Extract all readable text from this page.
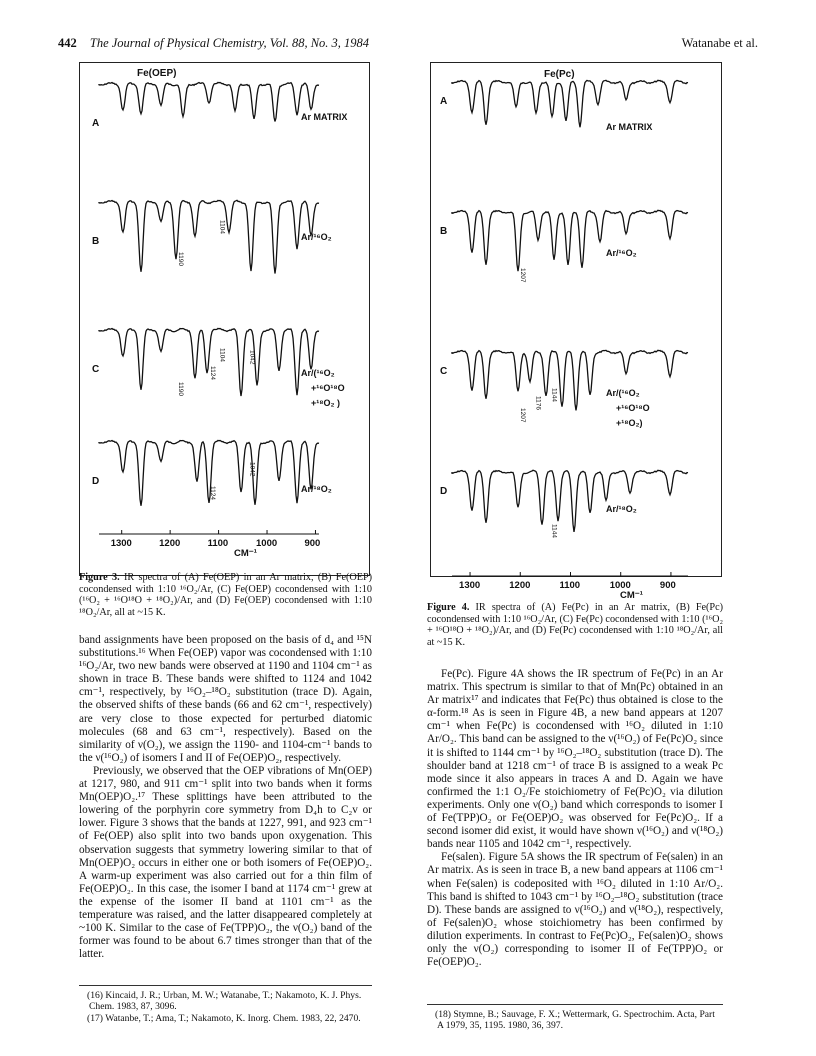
442 The Journal of Physical Chemistry, Vol. 88, No. 3, 1984	Watanabe et al.
Fe(OEP)
A
Ar MATRIX
B	Ar/¹⁶O₂
1190
1104
C	Ar/(¹⁶O₂
+¹⁶O¹⁸O
+¹⁸O₂ )
1190
1104
1124
1042
D
Ar/¹⁸O₂
1124
1042
1300	1200	1100	1000	900
CM⁻¹
Figure 3. IR spectra of (A) Fe(OEP) in an Ar matrix, (B) Fe(OEP) cocondensed with 1:10 ¹⁶O₂/Ar, (C) Fe(OEP) cocondensed with 1:10 (¹⁶O₂ + ¹⁶O¹⁸O + ¹⁸O₂)/Ar, and (D) Fe(OEP) cocondensed with 1:10 ¹⁸O₂/Ar, all at ~15 K.
Fe(Pc)
A
Ar MATRIX
B
Ar/¹⁶O₂
1207
C
Ar/(¹⁶O₂
+¹⁶O¹⁸O
+¹⁸O₂)
1207
1176
1144
D
Ar/¹⁸O₂
1144
1300	1200	1100	1000	900
CM⁻¹
Figure 4. IR spectra of (A) Fe(Pc) in an Ar matrix, (B) Fe(Pc) cocondensed with 1:10 ¹⁶O₂/Ar, (C) Fe(Pc) cocondensed with 1:10 (¹⁶O₂ + ¹⁶O¹⁸O + ¹⁸O₂)/Ar, and (D) Fe(Pc) cocondensed with 1:10 ¹⁸O₂/Ar, all at ~15 K.

band assignments have been proposed on the basis of d₄ and ¹⁵N substitutions.¹⁶ When Fe(OEP) vapor was cocondensed with 1:10 ¹⁶O₂/Ar, two new bands were observed at 1190 and 1104 cm⁻¹ as shown in trace B. These bands were shifted to 1124 and 1042 cm⁻¹, respectively, by ¹⁶O₂–¹⁸O₂ substitution (trace D). Again, the observed shifts of these bands (66 and 62 cm⁻¹, respectively) are very close to those expected for perturbed diatomic molecules (68 and 63 cm⁻¹, respectively). Based on the similarity of ν(O₂), we assign the 1190- and 1104-cm⁻¹ bands to the ν(¹⁶O₂) of isomers I and II of Fe(OEP)O₂, respectively.

Previously, we observed that the OEP vibrations of Mn(OEP) at 1217, 980, and 911 cm⁻¹ split into two bands when it forms Mn(OEP)O₂.¹⁷ These splittings have been attributed to the lowering of the porphyrin core symmetry from D₄h to C₂v or lower. Figure 3 shows that the bands at 1227, 991, and 923 cm⁻¹ of Fe(OEP) also split into two bands upon oxygenation. This observation suggests that symmetry lowering similar to that of Mn(OEP)O₂ occurs in either one or both isomers of Fe(OEP)O₂. A warm-up experiment was also carried out for a thin film of Fe(OEP)O₂. In this case, the isomer I band at 1174 cm⁻¹ grew at the expense of the isomer II band at 1101 cm⁻¹ as the temperature was raised, and the latter disappeared completely at ~100 K. Similar to the case of Fe(TPP)O₂, the ν(O₂) band of the former was found to be about 6.7 times stronger than that of the latter.

Fe(Pc). Figure 4A shows the IR spectrum of Fe(Pc) in an Ar matrix. This spectrum is similar to that of Mn(Pc) obtained in an Ar matrix¹⁷ and indicates that Fe(Pc) thus obtained is close to the α-form.¹⁸ As is seen in Figure 4B, a new band appears at 1207 cm⁻¹ when Fe(Pc) is cocondensed with ¹⁶O₂ diluted in 1:10 Ar/O₂. This band can be assigned to the ν(¹⁶O₂) of Fe(Pc)O₂ since it is shifted to 1144 cm⁻¹ by ¹⁶O₂–¹⁸O₂ substitution (trace D). The shoulder band at 1218 cm⁻¹ of trace B is assigned to a weak Pc mode since it also appears in traces A and D. Again we have confirmed the 1:1 O₂/Fe stoichiometry of Fe(Pc)O₂ via dilution experiments. Only one ν(O₂) band which corresponds to isomer I of Fe(TPP)O₂ or Fe(OEP)O₂ was observed for Fe(Pc)O₂. If a second isomer did exist, it would have shown ν(¹⁶O₂) and ν(¹⁸O₂) bands near 1105 and 1042 cm⁻¹, respectively.

Fe(salen). Figure 5A shows the IR spectrum of Fe(salen) in an Ar matrix. As is seen in trace B, a new band appears at 1106 cm⁻¹ when Fe(salen) is codeposited with ¹⁶O₂ diluted in 1:10 Ar/O₂. This band is shifted to 1043 cm⁻¹ by ¹⁶O₂–¹⁸O₂ substitution (trace D). These bands are assigned to ν(¹⁶O₂) and ν(¹⁸O₂), respectively, of Fe(salen)O₂ whose stoichiometry has been confirmed by dilution experiments. In contrast to Fe(Pc)O₂, Fe(salen)O₂ shows only the ν(O₂) corresponding to isomer II of Fe(TPP)O₂ or Fe(OEP)O₂.

(16) Kincaid, J. R.; Urban, M. W.; Watanabe, T.; Nakamoto, K. J. Phys. Chem. 1983, 87, 3096.

(17) Watanbe, T.; Ama, T.; Nakamoto, K. Inorg. Chem. 1983, 22, 2470.	(18) Stymne, B.; Sauvage, F. X.; Wettermark, G. Spectrochim. Acta, Part A 1979, 35, 1195. 1980, 36, 397.
